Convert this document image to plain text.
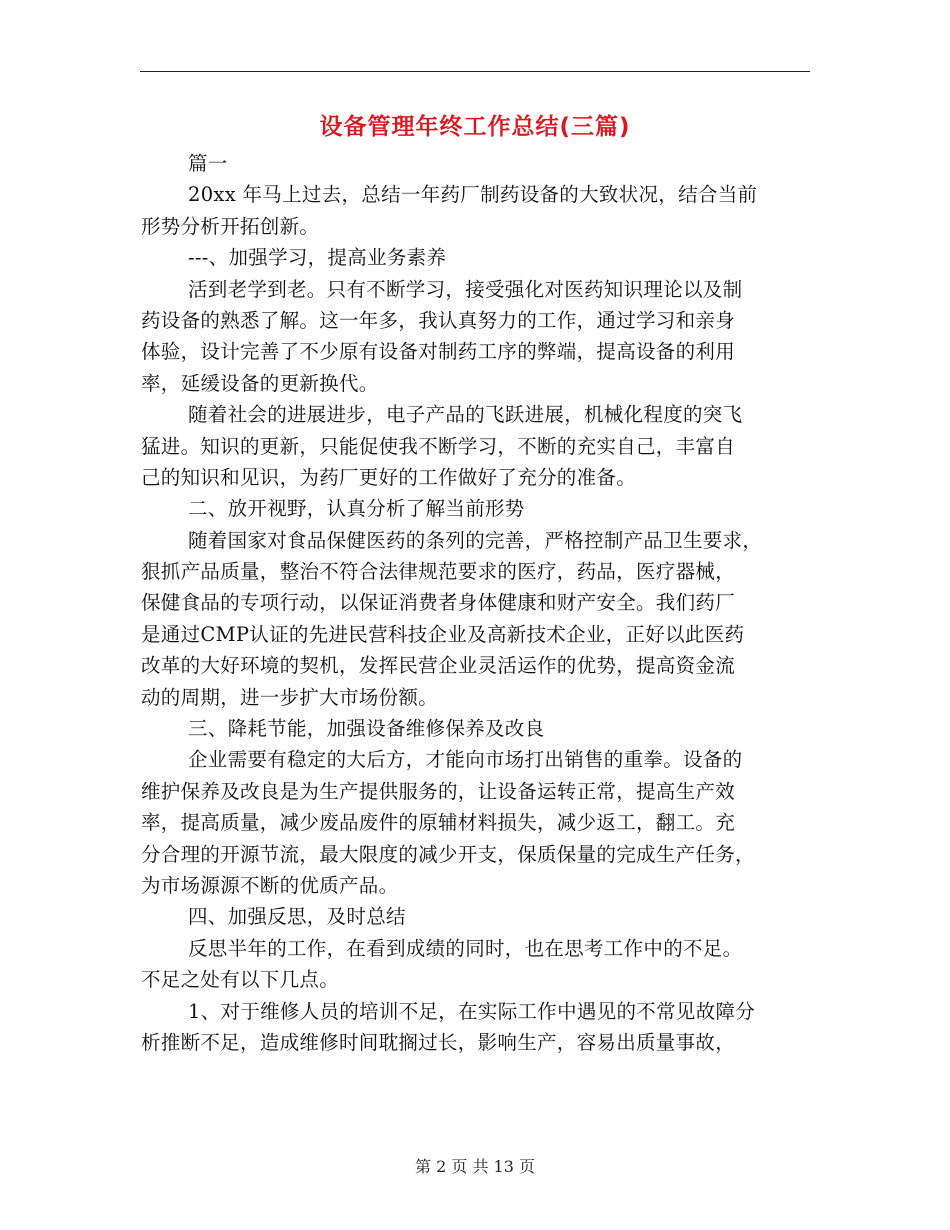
设备管理年终工作总结(三篇)
篇一
20xx 年马上过去，总结一年药厂制药设备的大致状况，结合当前
形势分析开拓创新。
---、加强学习，提高业务素养
活到老学到老。只有不断学习，接受强化对医药知识理论以及制
药设备的熟悉了解。这一年多，我认真努力的工作，通过学习和亲身
体验，设计完善了不少原有设备对制药工序的弊端，提高设备的利用
率，延缓设备的更新换代。
随着社会的进展进步，电子产品的飞跃进展，机械化程度的突飞
猛进。知识的更新，只能促使我不断学习，不断的充实自己，丰富自
己的知识和见识，为药厂更好的工作做好了充分的准备。
二、放开视野，认真分析了解当前形势
随着国家对食品保健医药的条列的完善，严格控制产品卫生要求，
狠抓产品质量，整治不符合法律规范要求的医疗，药品，医疗器械，
保健食品的专项行动，以保证消费者身体健康和财产安全。我们药厂
是通过CMP认证的先进民营科技企业及高新技术企业，正好以此医药
改革的大好环境的契机，发挥民营企业灵活运作的优势，提高资金流
动的周期，进一步扩大市场份额。
三、降耗节能，加强设备维修保养及改良
企业需要有稳定的大后方，才能向市场打出销售的重拳。设备的
维护保养及改良是为生产提供服务的，让设备运转正常，提高生产效
率，提高质量，减少废品废件的原辅材料损失，减少返工，翻工。充
分合理的开源节流，最大限度的减少开支，保质保量的完成生产任务，
为市场源源不断的优质产品。
四、加强反思，及时总结
反思半年的工作，在看到成绩的同时，也在思考工作中的不足。
不足之处有以下几点。
1、对于维修人员的培训不足，在实际工作中遇见的不常见故障分
析推断不足，造成维修时间耽搁过长，影响生产，容易出质量事故，
第 2 页 共 13 页
